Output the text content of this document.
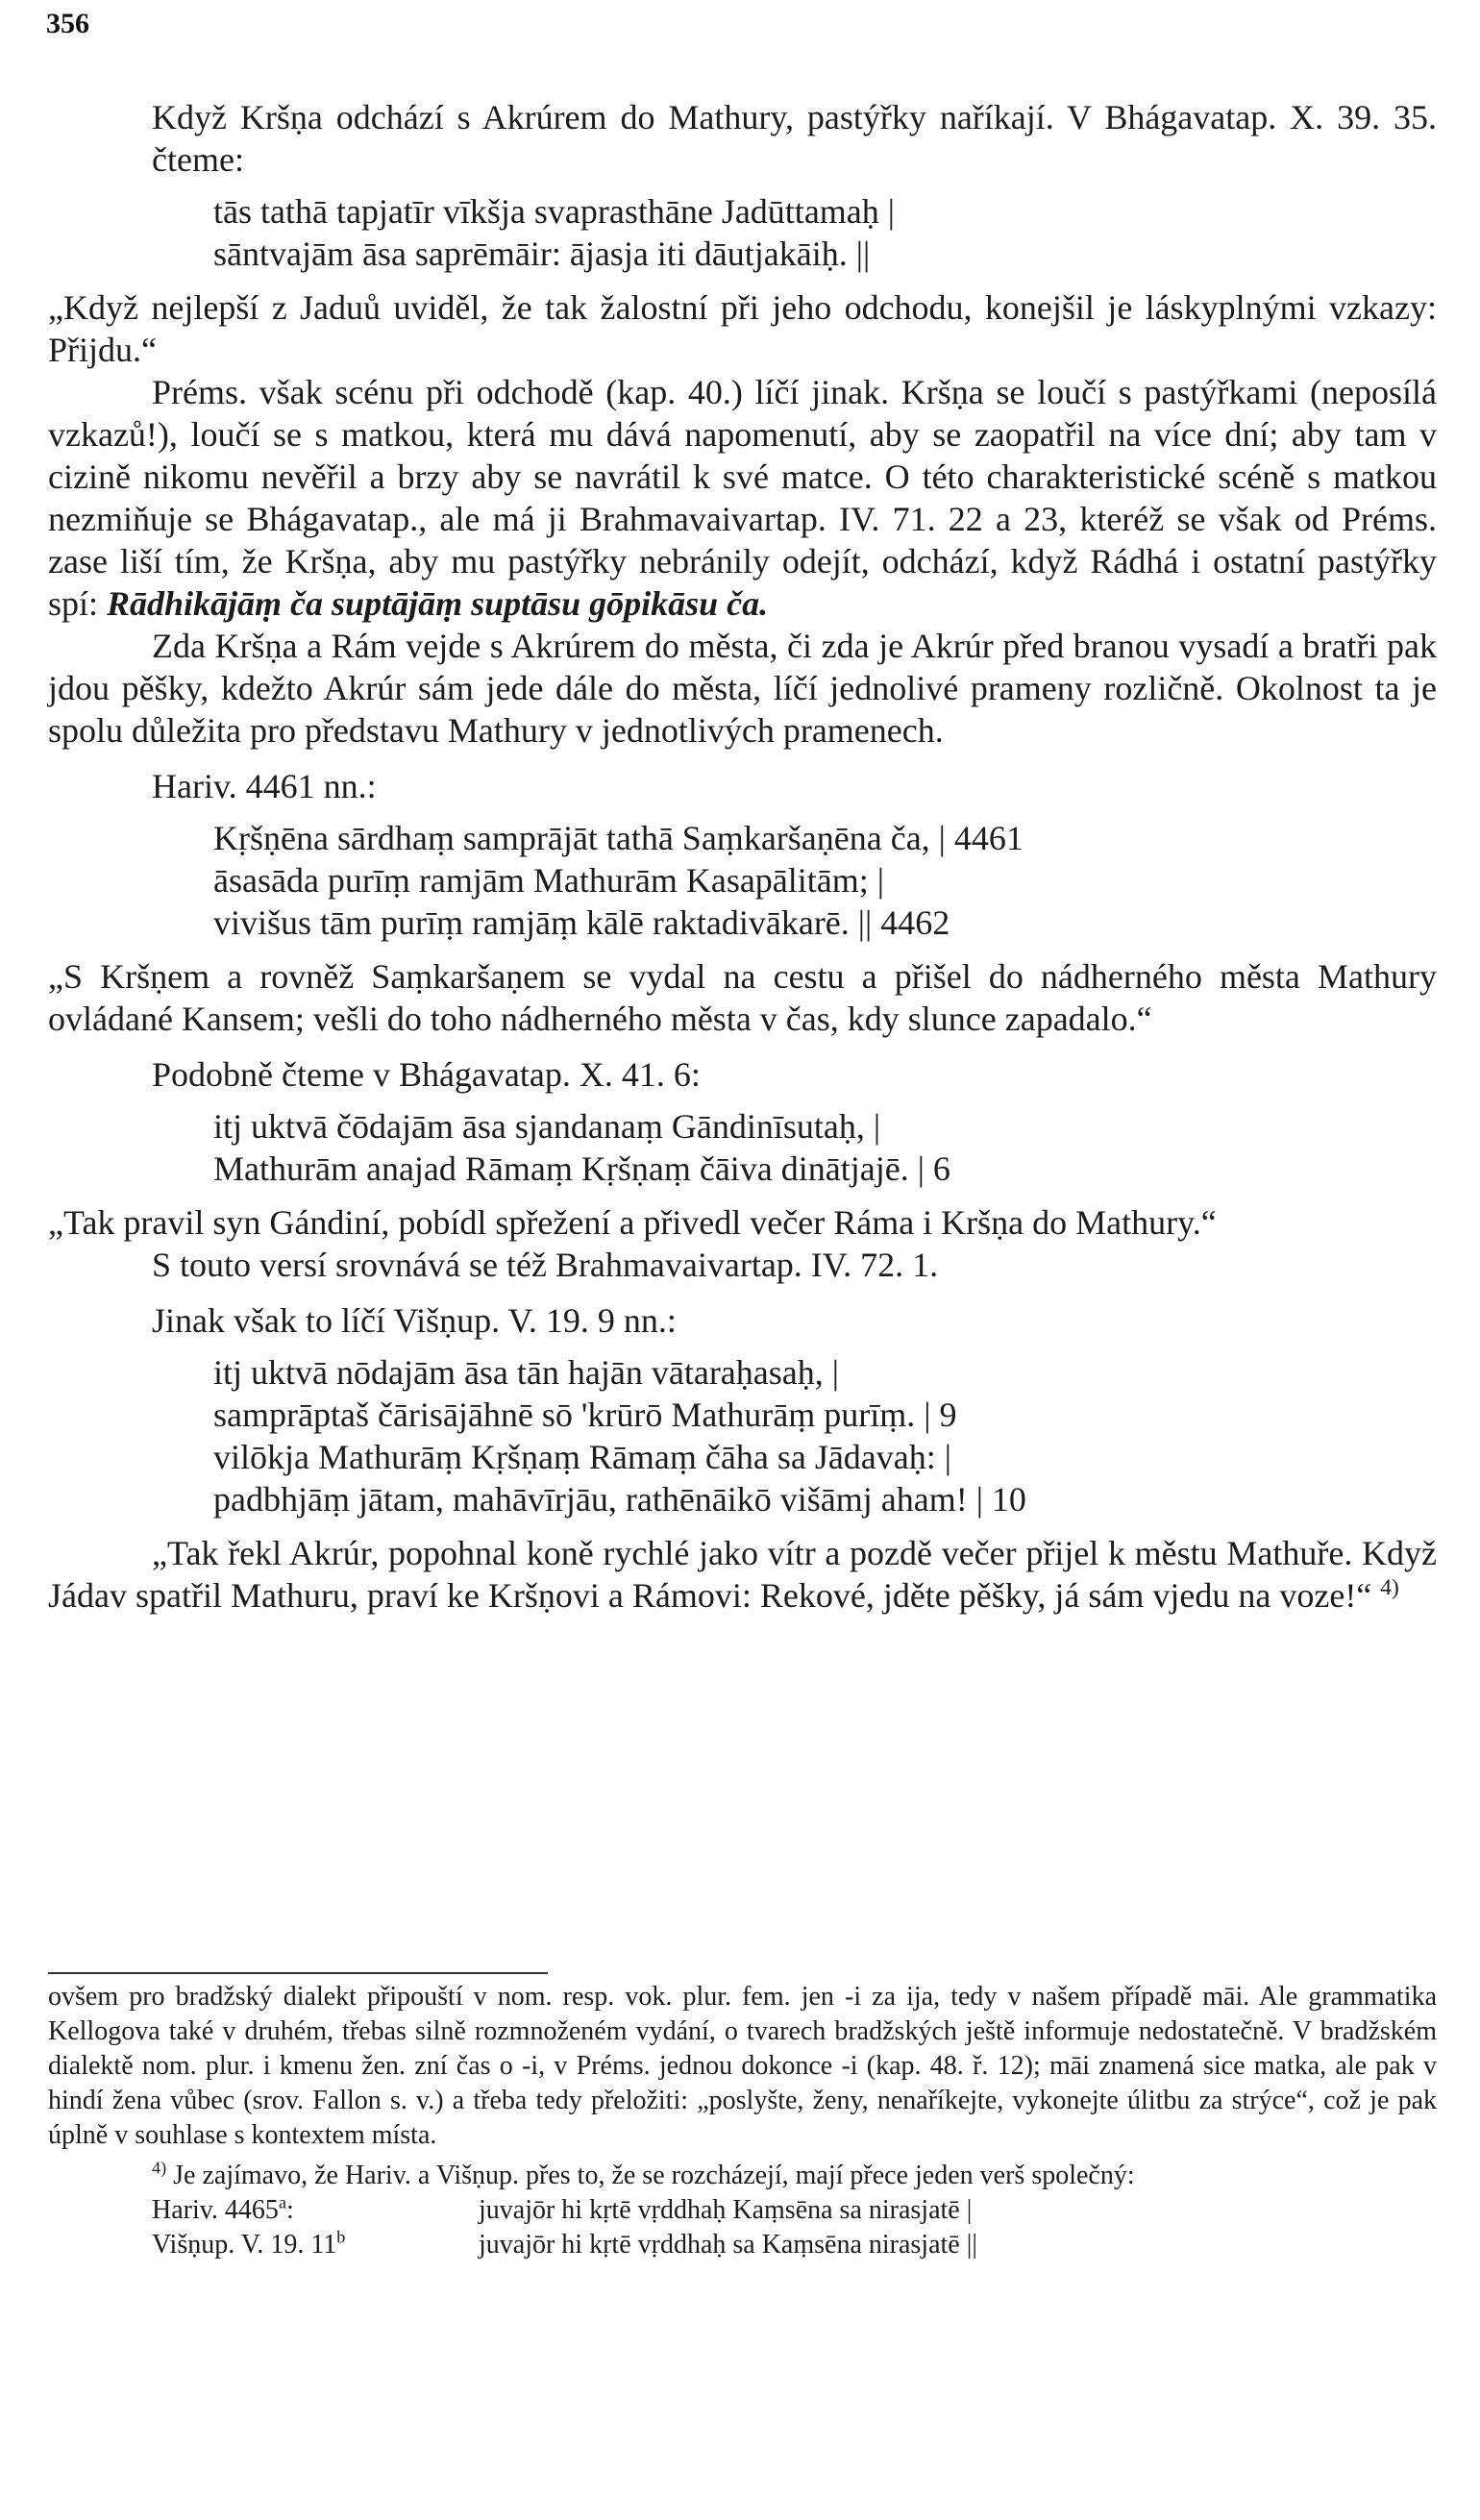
356

Když Kršṇa odchází s Akrúrem do Mathury, pastýřky naříkají. V Bhágavatap. X. 39. 35. čteme:

tās tathā tapjatīr vīkšja svaprasthāne Jadūttamaḥ |
sāntvajām āsa saprēmāir: ājasja iti dāutjakāiḥ. ||

„Když nejlepší z Jaduů uviděl, že tak žalostní při jeho odchodu, konejšil je láskyplnými vzkazy: Přijdu.“

Préms. však scénu při odchodě (kap. 40.) líčí jinak. Kršṇa se loučí s pastýřkami (neposílá vzkazů!), loučí se s matkou, která mu dává napomenutí, aby se zaopatřil na více dní; aby tam v cizině nikomu nevěřil a brzy aby se navrátil k své matce. O této charakteristické scéně s matkou nezmiňuje se Bhágavatap., ale má ji Brahmavaivartap. IV. 71. 22 a 23, kteréž se však od Préms. zase liší tím, že Kršṇa, aby mu pastýřky nebránily odejít, odchází, když Rádhá i ostatní pastýřky spí: Rādhikājāṃ ča suptājāṃ suptāsu gōpikāsu ča.

Zda Kršṇa a Rám vejde s Akrúrem do města, či zda je Akrúr před branou vysadí a bratři pak jdou pěšky, kdežto Akrúr sám jede dále do města, líčí jednolivé prameny rozličně. Okolnost ta je spolu důležita pro představu Mathury v jednotlivých pramenech.

Hariv. 4461 nn.:

Kṛšṇēna sārdhaṃ samprājāt tathā Saṃkaršaṇēna ča, | 4461
āsasāda purīṃ ramjām Mathurām Kasapālitām; |
vivišus tām purīṃ ramjāṃ kālē raktadivākarē. || 4462

„S Kršṇem a rovněž Saṃkaršaṇem se vydal na cestu a přišel do nádherného města Mathury ovládané Kansem; vešli do toho nádherného města v čas, kdy slunce zapadalo.“

Podobně čteme v Bhágavatap. X. 41. 6:

itj uktvā čōdajām āsa sjandanaṃ Gāndinīsutaḥ, |
Mathurām anajad Rāmaṃ Kṛšṇaṃ čāiva dinātjajē. | 6

„Tak pravil syn Gándiní, pobídl spřežení a přivedl večer Ráma i Kršṇa do Mathury.“

S touto versí srovnává se též Brahmavaivartap. IV. 72. 1.

Jinak však to líčí Višṇup. V. 19. 9 nn.:

itj uktvā nōdajām āsa tān hajān vātaraḥasaḥ, |
samprāptaš čārisājāhnē sō 'krūrō Mathurāṃ purīṃ. | 9
vilōkja Mathurāṃ Kṛšṇaṃ Rāmaṃ čāha sa Jādavaḥ: |
padbhjāṃ jātam, mahāvīrjāu, rathēnāikō višāmj aham! | 10

„Tak řekl Akrúr, popohnal koně rychlé jako vítr a pozdě večer přijel k městu Mathuře. Když Jádav spatřil Mathuru, praví ke Kršṇovi a Rámovi: Rekové, jděte pěšky, já sám vjedu na voze!“ $^{4)}$

ovšem pro bradžský dialekt připouští v nom. resp. vok. plur. fem. jen -i za ija, tedy v našem případě māi. Ale grammatika Kellogova také v druhém, třebas silně rozmnoženém vydání, o tvarech bradžských ještě informuje nedostatečně. V bradžském dialektě nom. plur. i kmenu žen. zní čas o -i, v Préms. jednou dokonce -i (kap. 48. ř. 12); māi znamená sice matka, ale pak v hindí žena vůbec (srov. Fallon s. v.) a třeba tedy přeložiti: „poslyšte, ženy, nenaříkejte, vykonejte úlitbu za strýce“, což je pak úplně v souhlase s kontextem místa.

$^{4)}$ Je zajímavo, že Hariv. a Višṇup. přes to, že se rozcházejí, mají přece jeden verš společný:

Hariv. 4465$^a$:	juvajōr hi kṛtē vṛddhaḥ Kaṃsēna sa nirasjatē |
Višṇup. V. 19. 11$^b$	juvajōr hi kṛtē vṛddhaḥ sa Kaṃsēna nirasjatē ||
